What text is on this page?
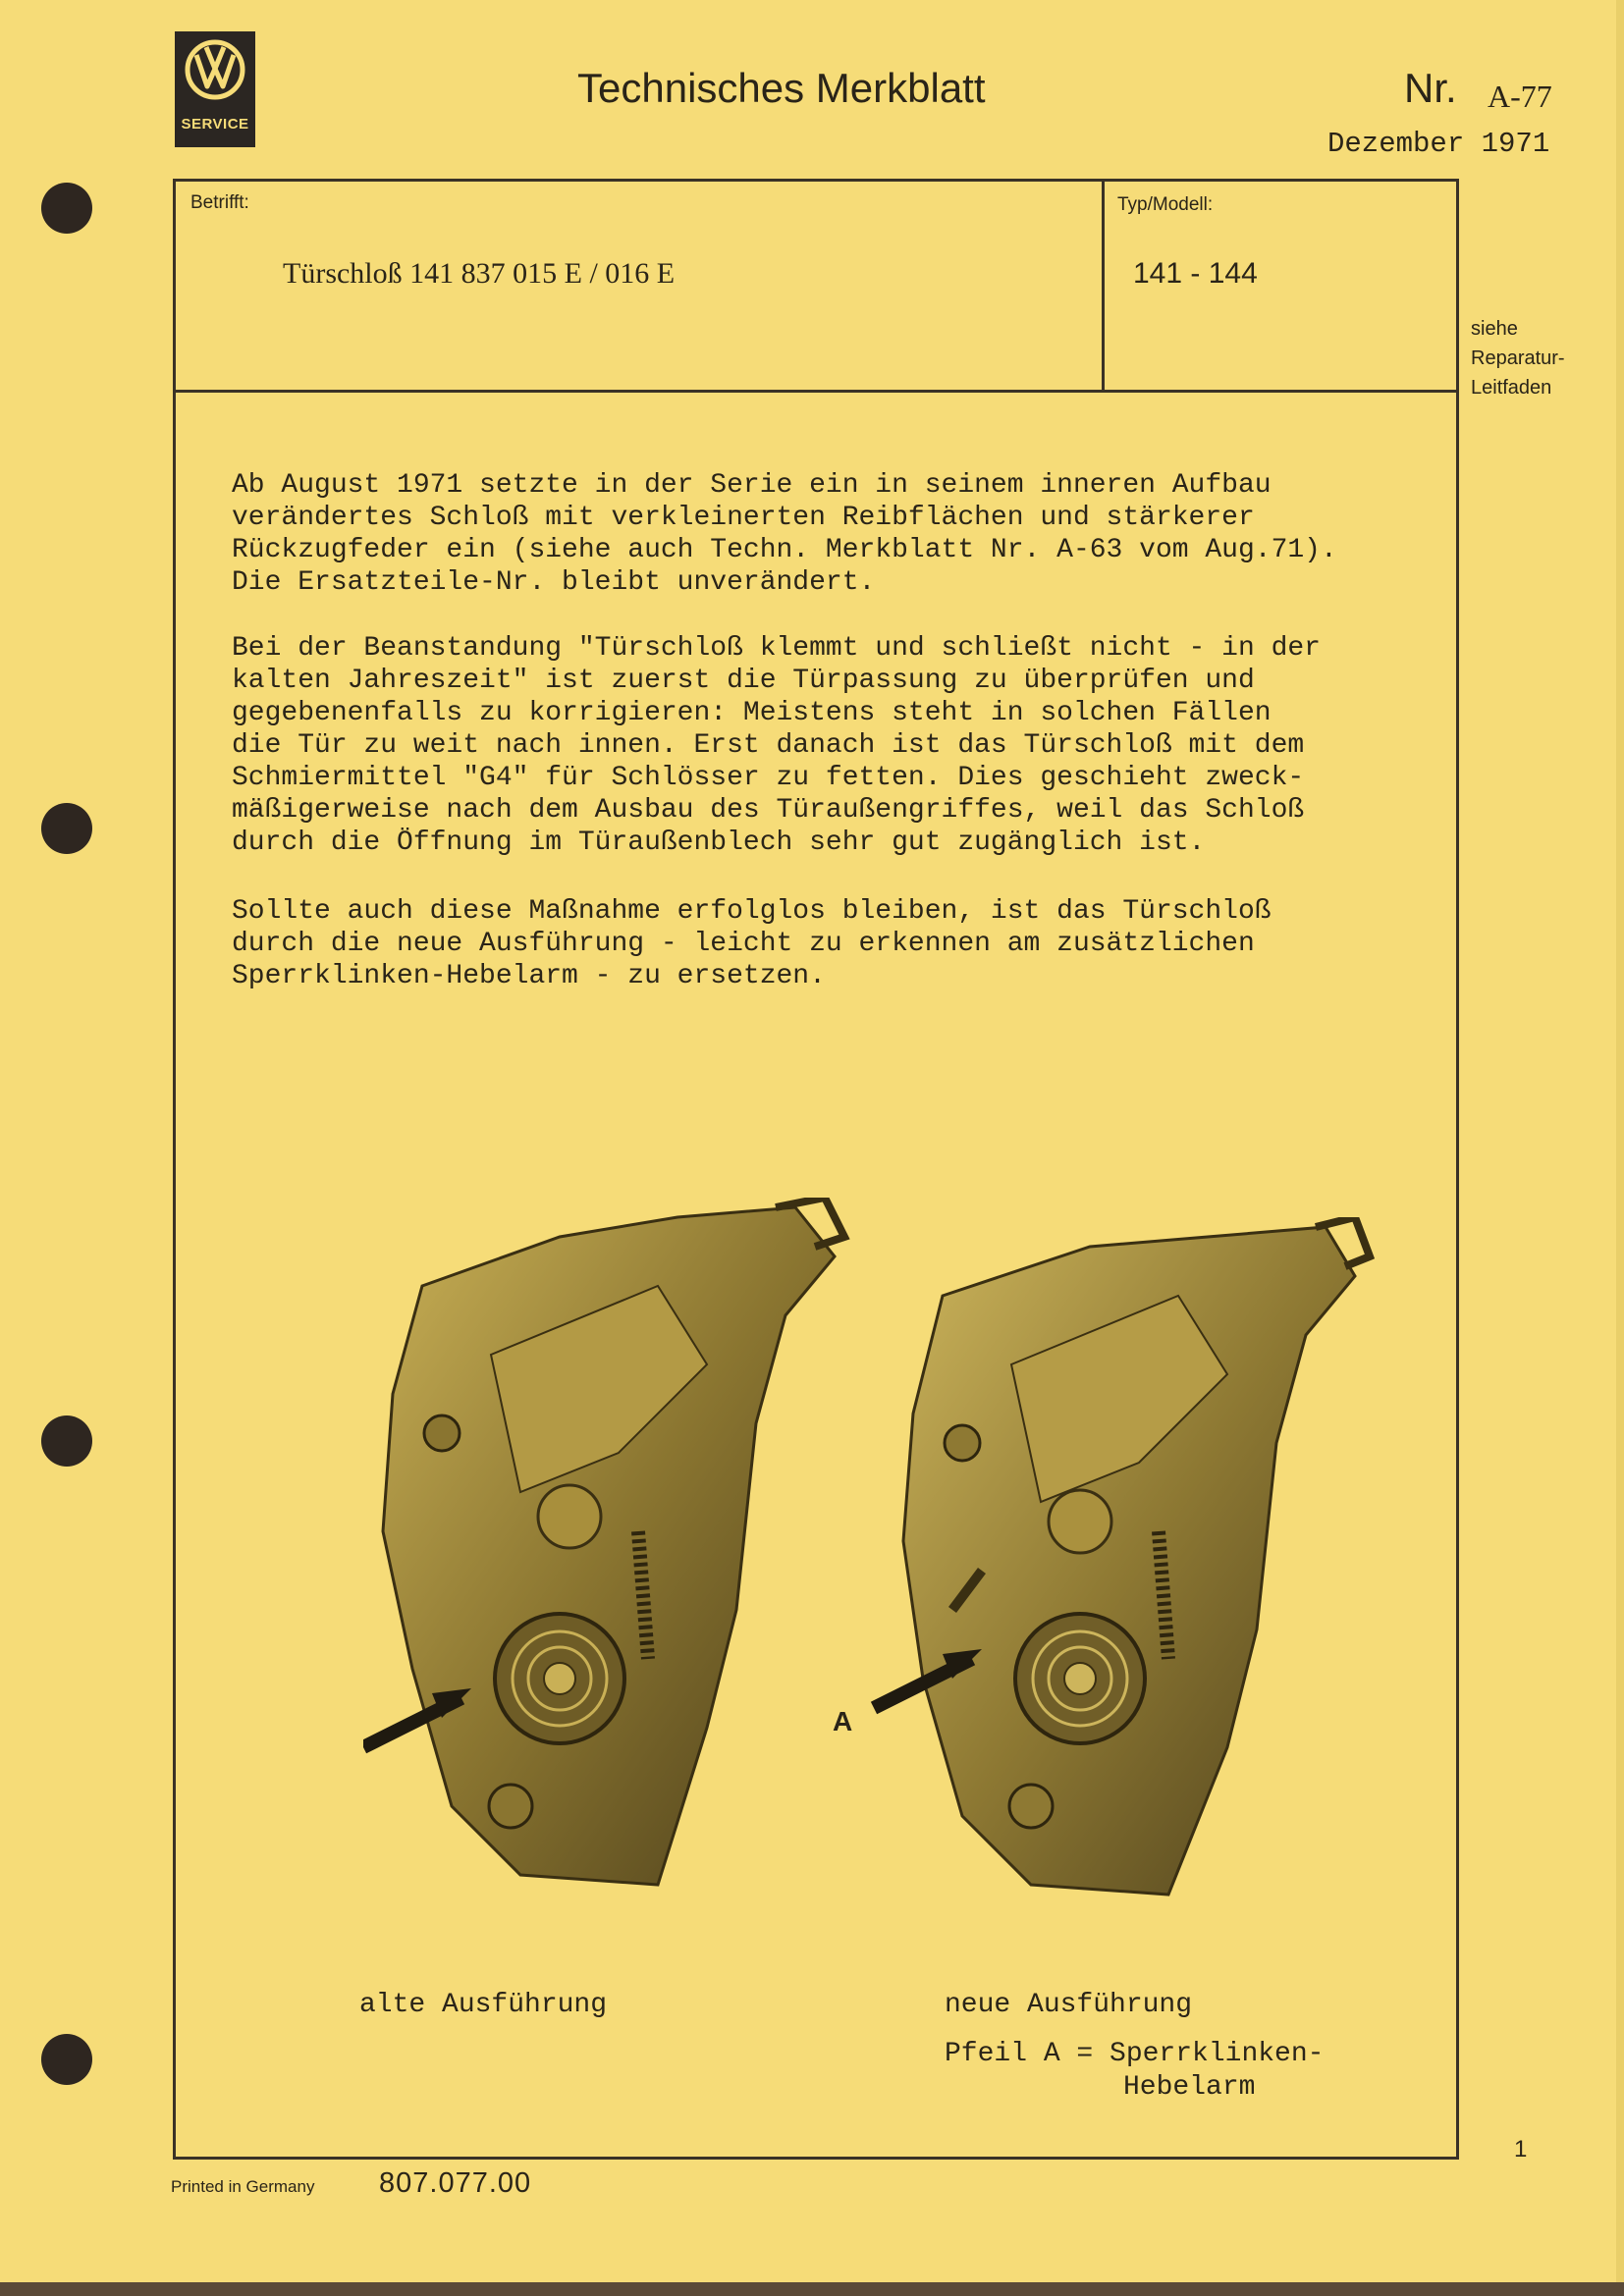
SERVICE
Technisches Merkblatt	Nr. A-77
Dezember 1971
Betrifft:
Türschloß 141 837 015 E / 016 E
Typ/Modell:
141 - 144
siehe
Reparatur-
Leitfaden
Ab August 1971 setzte in der Serie ein in seinem inneren Aufbau
verändertes Schloß mit verkleinerten Reibflächen und stärkerer
Rückzugfeder ein (siehe auch Techn. Merkblatt Nr. A-63 vom Aug.71).
Die Ersatzteile-Nr. bleibt unverändert.
Bei der Beanstandung "Türschloß klemmt und schließt nicht - in der
kalten Jahreszeit" ist zuerst die Türpassung zu überprüfen und
gegebenenfalls zu korrigieren: Meistens steht in solchen Fällen
die Tür zu weit nach innen. Erst danach ist das Türschloß mit dem
Schmiermittel "G4" für Schlösser zu fetten. Dies geschieht zweck-
mäßigerweise nach dem Ausbau des Türaußengriffes, weil das Schloß
durch die Öffnung im Türaußenblech sehr gut zugänglich ist.
Sollte auch diese Maßnahme erfolglos bleiben, ist das Türschloß
durch die neue Ausführung - leicht zu erkennen am zusätzlichen
Sperrklinken-Hebelarm - zu ersetzen.
A
alte Ausführung	neue Ausführung
Pfeil A = Sperrklinken-
Hebelarm
1
Printed in Germany 807.077.00
